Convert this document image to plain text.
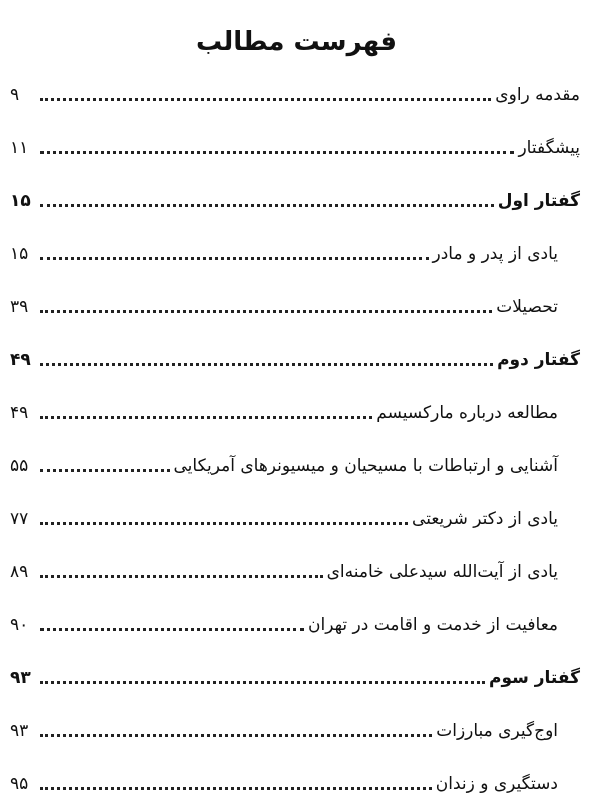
فهرست مطالب
مقدمه راوی
۹
پیشگفتار
۱۱
گفتار اول
۱۵
یادی از پدر و مادر
۱۵
تحصیلات
۳۹
گفتار دوم
۴۹
مطالعه درباره مارکسیسم
۴۹
آشنایی و ارتباطات با مسیحیان و میسیونرهای آمریکایی
۵۵
یادی از دکتر شریعتی
۷۷
یادی از آیت‌الله سیدعلی خامنه‌ای
۸۹
معافیت از خدمت و اقامت در تهران
۹۰
گفتار سوم
۹۳
اوج‌گیری مبارزات
۹۳
دستگیری و زندان
۹۵
